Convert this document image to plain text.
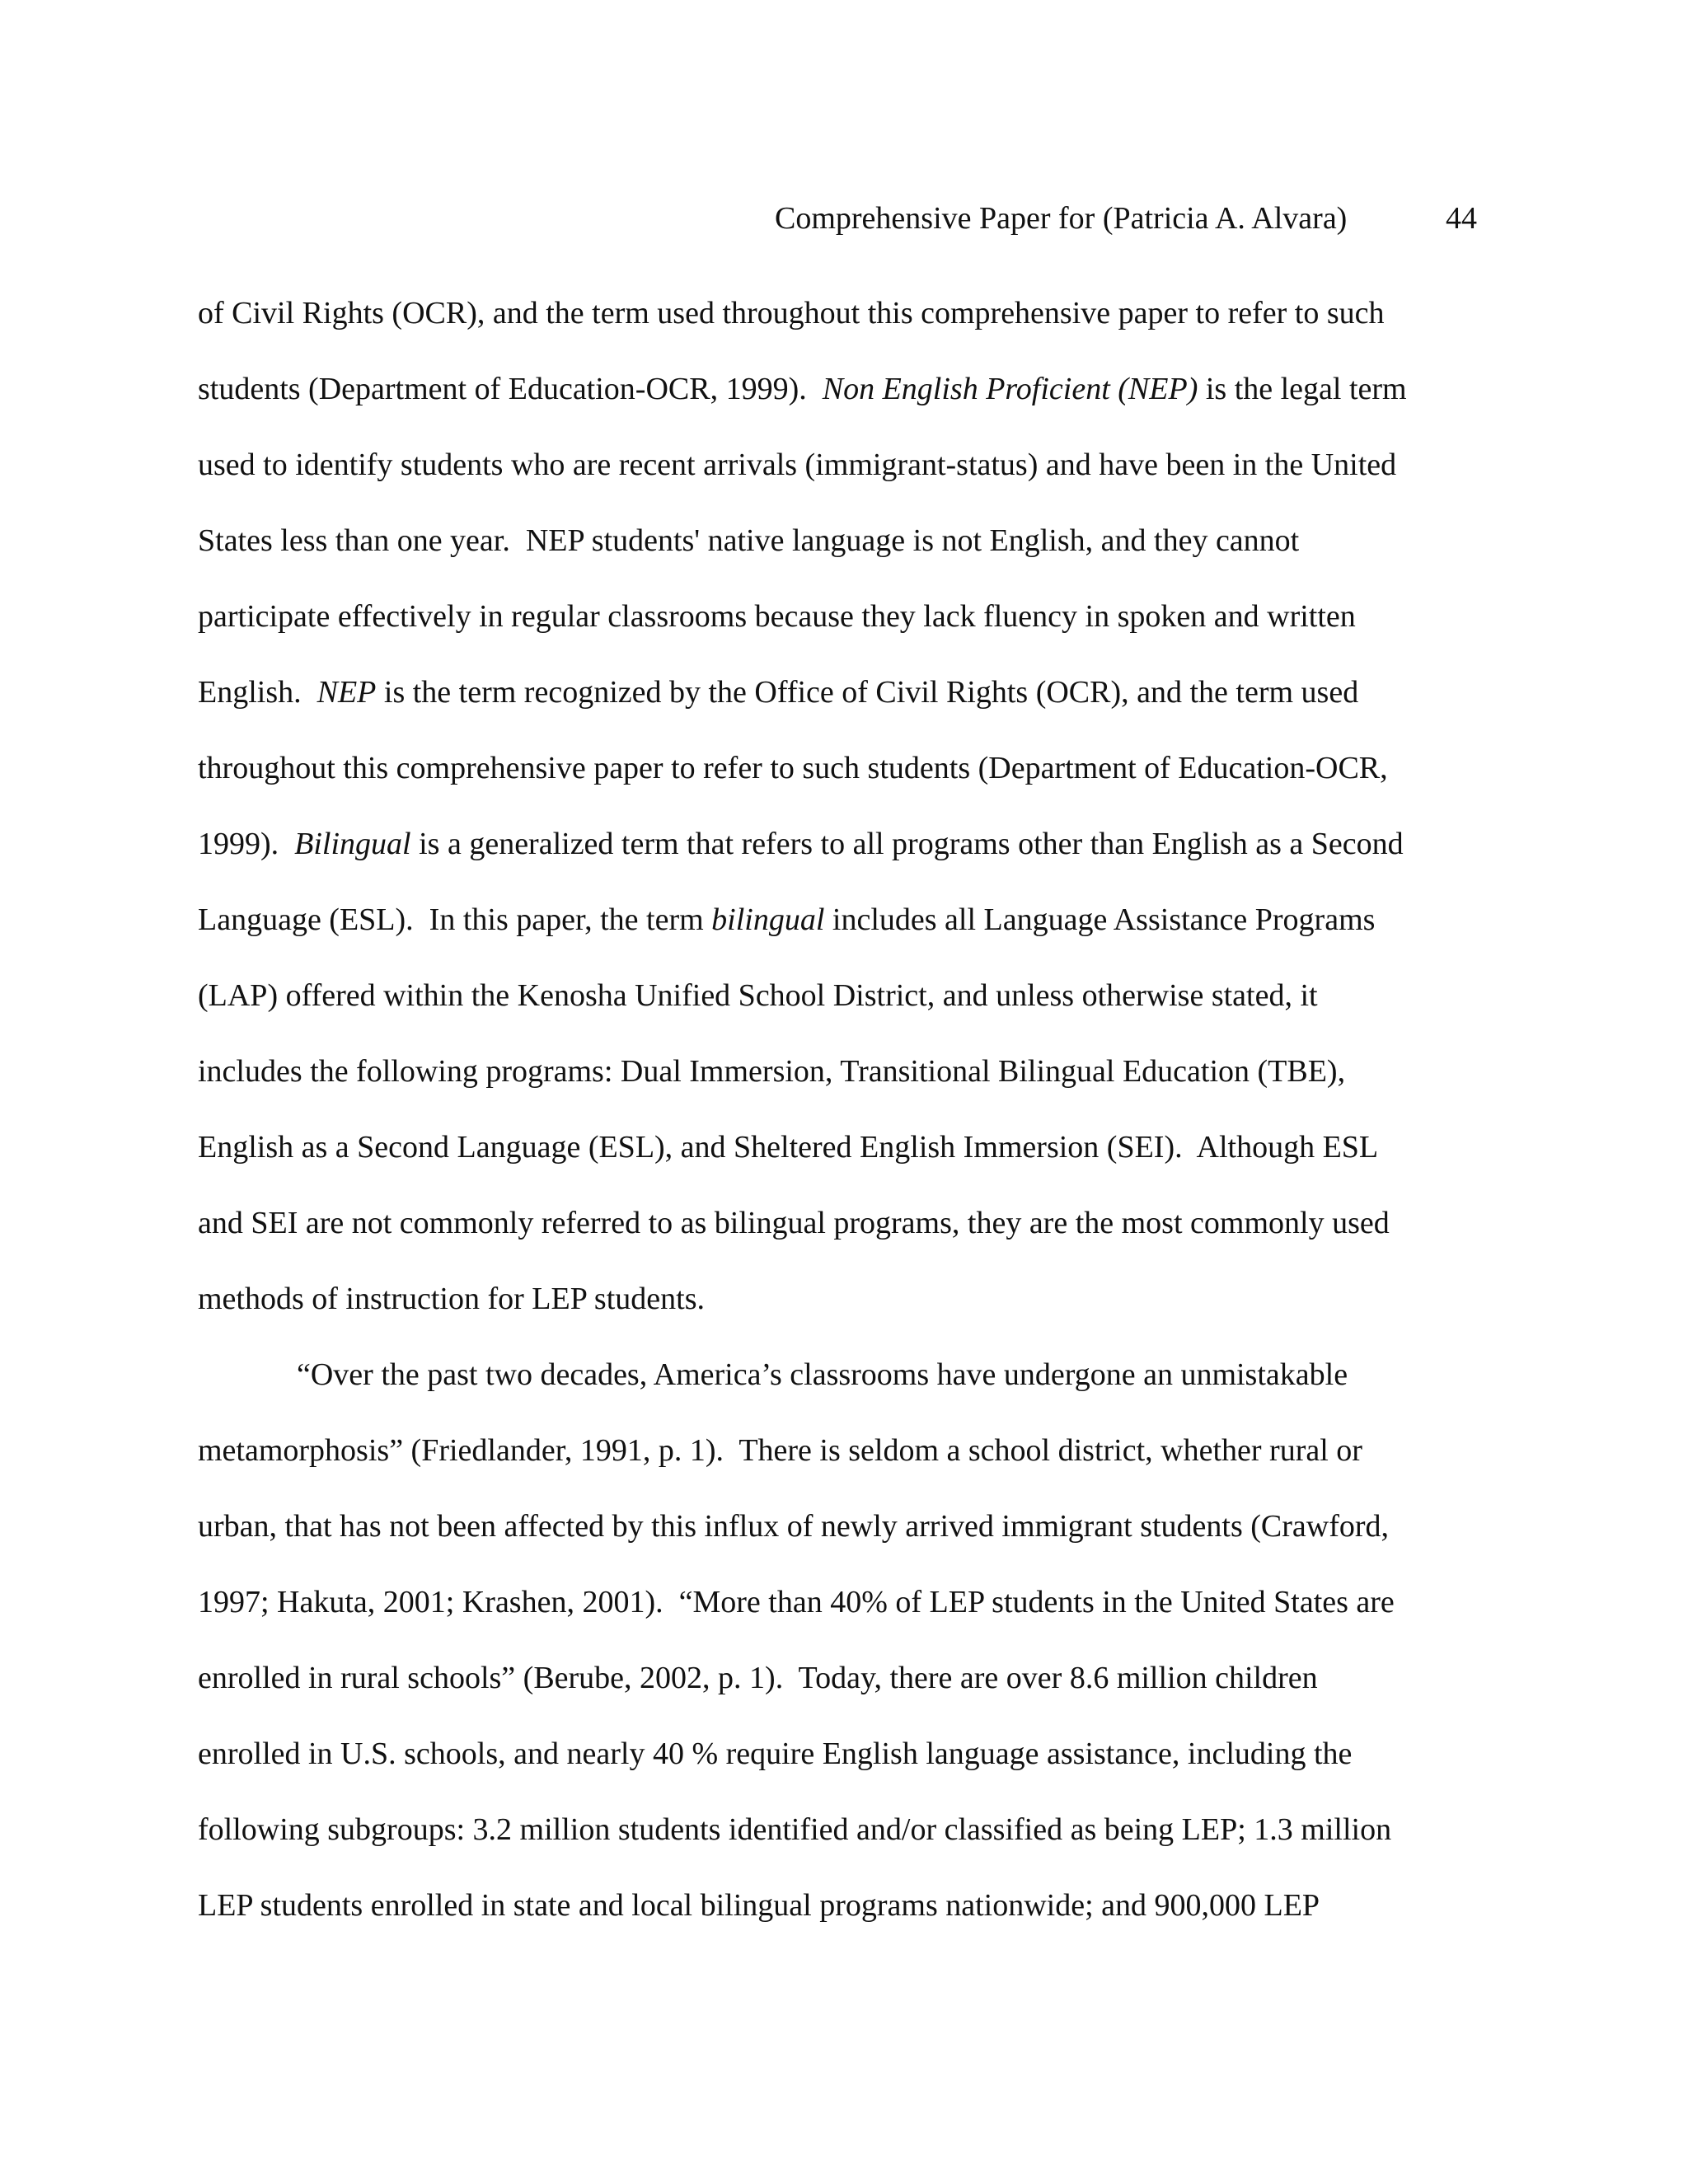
Comprehensive Paper for (Patricia A. Alvara)	44
of Civil Rights (OCR), and the term used throughout this comprehensive paper to refer to such
students (Department of Education-OCR, 1999).  Non English Proficient (NEP) is the legal term
used to identify students who are recent arrivals (immigrant-status) and have been in the United
States less than one year.  NEP students' native language is not English, and they cannot
participate effectively in regular classrooms because they lack fluency in spoken and written
English.  NEP is the term recognized by the Office of Civil Rights (OCR), and the term used
throughout this comprehensive paper to refer to such students (Department of Education-OCR,
1999).  Bilingual is a generalized term that refers to all programs other than English as a Second
Language (ESL).  In this paper, the term bilingual includes all Language Assistance Programs
(LAP) offered within the Kenosha Unified School District, and unless otherwise stated, it
includes the following programs: Dual Immersion, Transitional Bilingual Education (TBE),
English as a Second Language (ESL), and Sheltered English Immersion (SEI).  Although ESL
and SEI are not commonly referred to as bilingual programs, they are the most commonly used
methods of instruction for LEP students.
“Over the past two decades, America’s classrooms have undergone an unmistakable
metamorphosis” (Friedlander, 1991, p. 1).  There is seldom a school district, whether rural or
urban, that has not been affected by this influx of newly arrived immigrant students (Crawford,
1997; Hakuta, 2001; Krashen, 2001).  “More than 40% of LEP students in the United States are
enrolled in rural schools” (Berube, 2002, p. 1).  Today, there are over 8.6 million children
enrolled in U.S. schools, and nearly 40 % require English language assistance, including the
following subgroups: 3.2 million students identified and/or classified as being LEP; 1.3 million
LEP students enrolled in state and local bilingual programs nationwide; and 900,000 LEP
